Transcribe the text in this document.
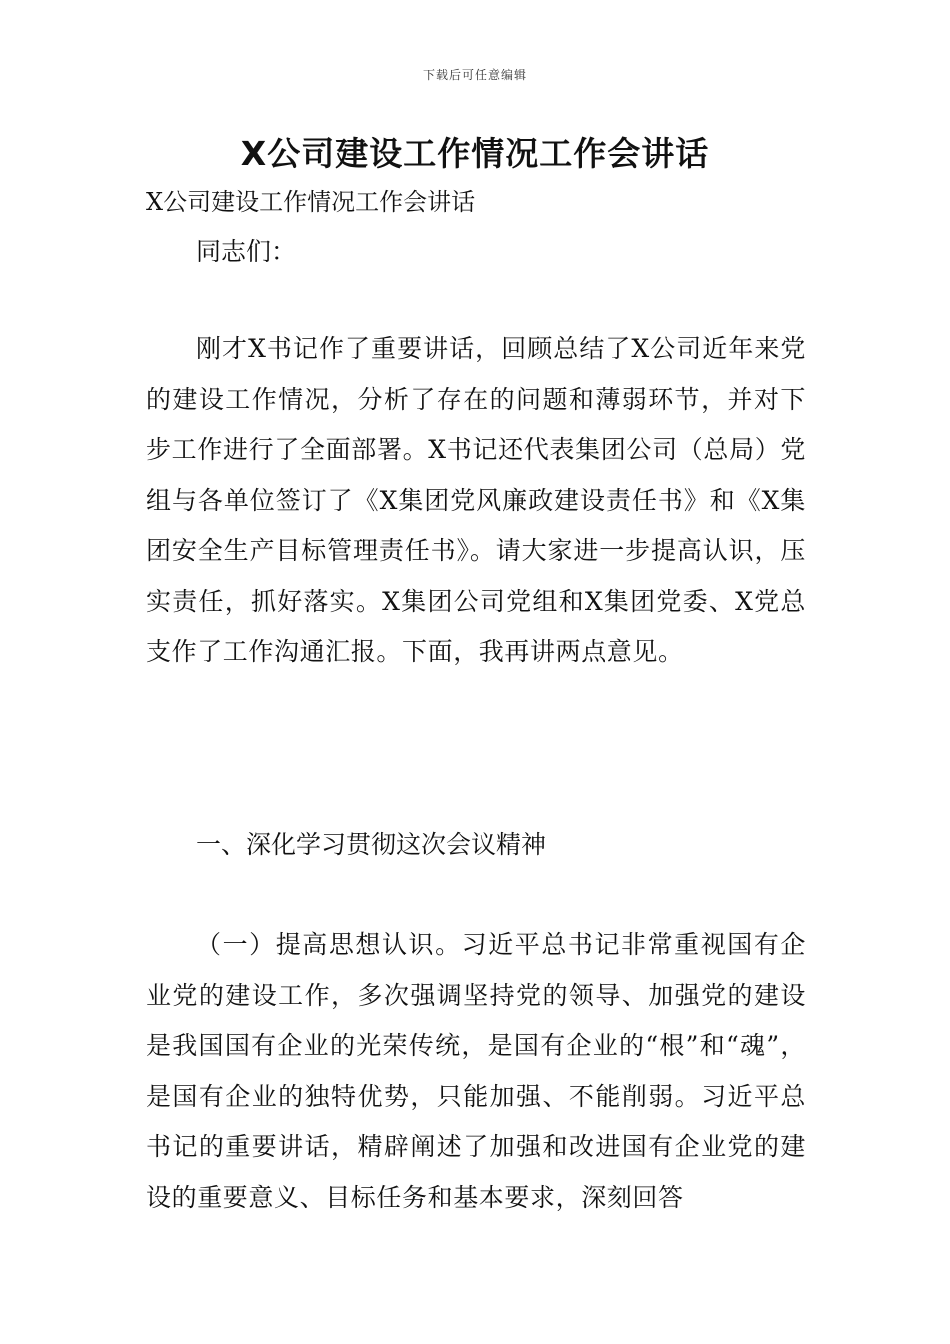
下载后可任意编辑
X公司建设工作情况工作会讲话

X公司建设工作情况工作会讲话

同志们：

刚才X书记作了重要讲话，回顾总结了X公司近年来党的建设工作情况，分析了存在的问题和薄弱环节，并对下步工作进行了全面部署。X书记还代表集团公司（总局）党组与各单位签订了《X集团党风廉政建设责任书》和《X集团安全生产目标管理责任书》。请大家进一步提高认识，压实责任，抓好落实。X集团公司党组和X集团党委、X党总支作了工作沟通汇报。下面，我再讲两点意见。

一、深化学习贯彻这次会议精神

（一）提高思想认识。习近平总书记非常重视国有企业党的建设工作，多次强调坚持党的领导、加强党的建设是我国国有企业的光荣传统，是国有企业的“根”和“魂”，是国有企业的独特优势，只能加强、不能削弱。习近平总书记的重要讲话，精辟阐述了加强和改进国有企业党的建设的重要意义、目标任务和基本要求，深刻回答
